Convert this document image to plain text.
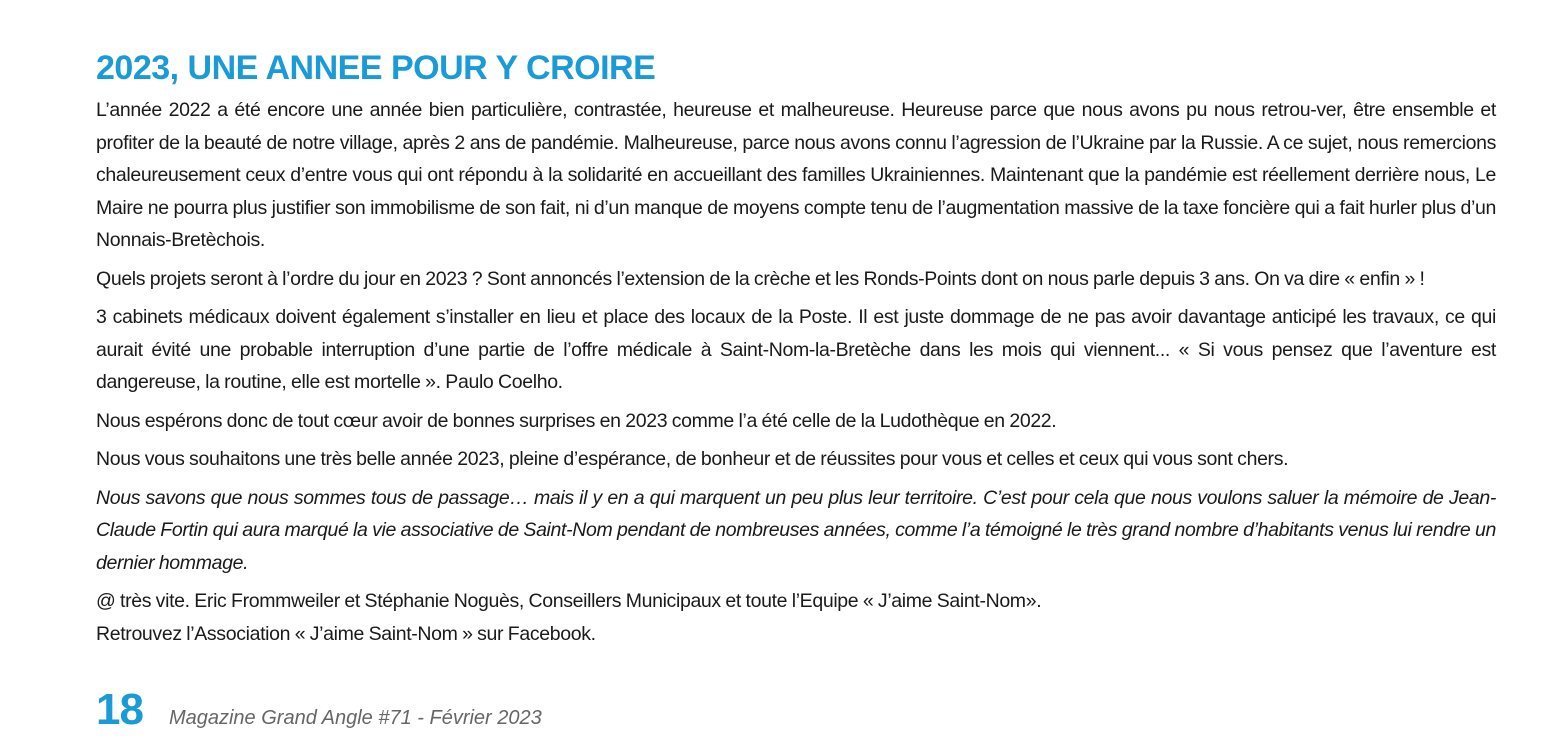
2023, UNE ANNEE POUR Y CROIRE

L’année 2022 a été encore une année bien particulière, contrastée, heureuse et malheureuse. Heureuse parce que nous avons pu nous retrou-ver, être ensemble et profiter de la beauté de notre village, après 2 ans de pandémie. Malheureuse, parce nous avons connu l’agression de l’Ukraine par la Russie. A ce sujet, nous remercions chaleureusement ceux d’entre vous qui ont répondu à la solidarité en accueillant des familles Ukrainiennes. Maintenant que la pandémie est réellement derrière nous, Le Maire ne pourra plus justifier son immobilisme de son fait, ni d’un manque de moyens compte tenu de l’augmentation massive de la taxe foncière qui a fait hurler plus d’un Nonnais-Bretèchois.

Quels projets seront à l’ordre du jour en 2023 ? Sont annoncés l’extension de la crèche et les Ronds-Points dont on nous parle depuis 3 ans. On va dire « enfin » !

3 cabinets médicaux doivent également s’installer en lieu et place des locaux de la Poste. Il est juste dommage de ne pas avoir davantage anticipé les travaux, ce qui aurait évité une probable interruption d’une partie de l’offre médicale à Saint-Nom-la-Bretèche dans les mois qui viennent... « Si vous pensez que l’aventure est dangereuse, la routine, elle est mortelle ». Paulo Coelho.

Nous espérons donc de tout cœur avoir de bonnes surprises en 2023 comme l’a été celle de la Ludothèque en 2022.

Nous vous souhaitons une très belle année 2023, pleine d’espérance, de bonheur et de réussites pour vous et celles et ceux qui vous sont chers.

Nous savons que nous sommes tous de passage… mais il y en a qui marquent un peu plus leur territoire. C’est pour cela que nous voulons saluer la mémoire de Jean-Claude Fortin qui aura marqué la vie associative de Saint-Nom pendant de nombreuses années, comme l’a témoigné le très grand nombre d’habitants venus lui rendre un dernier hommage.

@ très vite. Eric Frommweiler et Stéphanie Noguès, Conseillers Municipaux et toute l’Equipe « J’aime Saint-Nom».
Retrouvez l’Association « J’aime Saint-Nom » sur Facebook.
18 Magazine Grand Angle #71 - Février 2023
